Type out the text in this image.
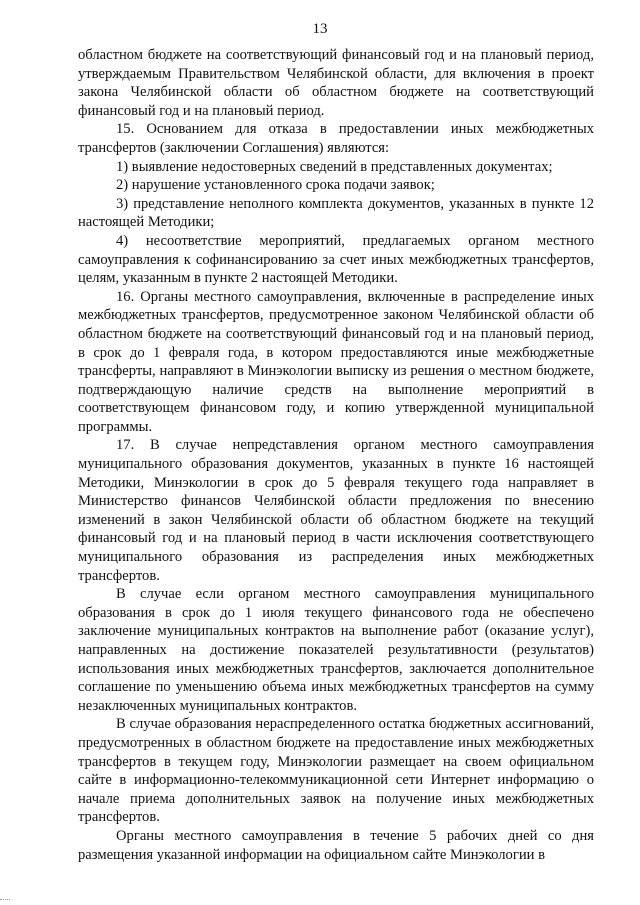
13

областном бюджете на соответствующий финансовый год и на плановый период, утверждаемым Правительством Челябинской области, для включения в проект закона Челябинской области об областном бюджете на соответствующий финансовый год и на плановый период.

15. Основанием для отказа в предоставлении иных межбюджетных трансфертов (заключении Соглашения) являются:

1) выявление недостоверных сведений в представленных документах;

2) нарушение установленного срока подачи заявок;

3) представление неполного комплекта документов, указанных в пункте 12 настоящей Методики;

4) несоответствие мероприятий, предлагаемых органом местного самоуправления к софинансированию за счет иных межбюджетных трансфертов, целям, указанным в пункте 2 настоящей Методики.

16. Органы местного самоуправления, включенные в распределение иных межбюджетных трансфертов, предусмотренное законом Челябинской области об областном бюджете на соответствующий финансовый год и на плановый период, в срок до 1 февраля года, в котором предоставляются иные межбюджетные трансферты, направляют в Минэкологии выписку из решения о местном бюджете, подтверждающую наличие средств на выполнение мероприятий в соответствующем финансовом году, и копию утвержденной муниципальной программы.

17. В случае непредставления органом местного самоуправления муниципального образования документов, указанных в пункте 16 настоящей Методики, Минэкологии в срок до 5 февраля текущего года направляет в Министерство финансов Челябинской области предложения по внесению изменений в закон Челябинской области об областном бюджете на текущий финансовый год и на плановый период в части исключения соответствующего муниципального образования из распределения иных межбюджетных трансфертов.

В случае если органом местного самоуправления муниципального образования в срок до 1 июля текущего финансового года не обеспечено заключение муниципальных контрактов на выполнение работ (оказание услуг), направленных на достижение показателей результативности (результатов) использования иных межбюджетных трансфертов, заключается дополнительное соглашение по уменьшению объема иных межбюджетных трансфертов на сумму незаключенных муниципальных контрактов.

В случае образования нераспределенного остатка бюджетных ассигнований, предусмотренных в областном бюджете на предоставление иных межбюджетных трансфертов в текущем году, Минэкологии размещает на своем официальном сайте в информационно-телекоммуникационной сети Интернет информацию о начале приема дополнительных заявок на получение иных межбюджетных трансфертов.

Органы местного самоуправления в течение 5 рабочих дней со дня размещения указанной информации на официальном сайте Минэкологии в
